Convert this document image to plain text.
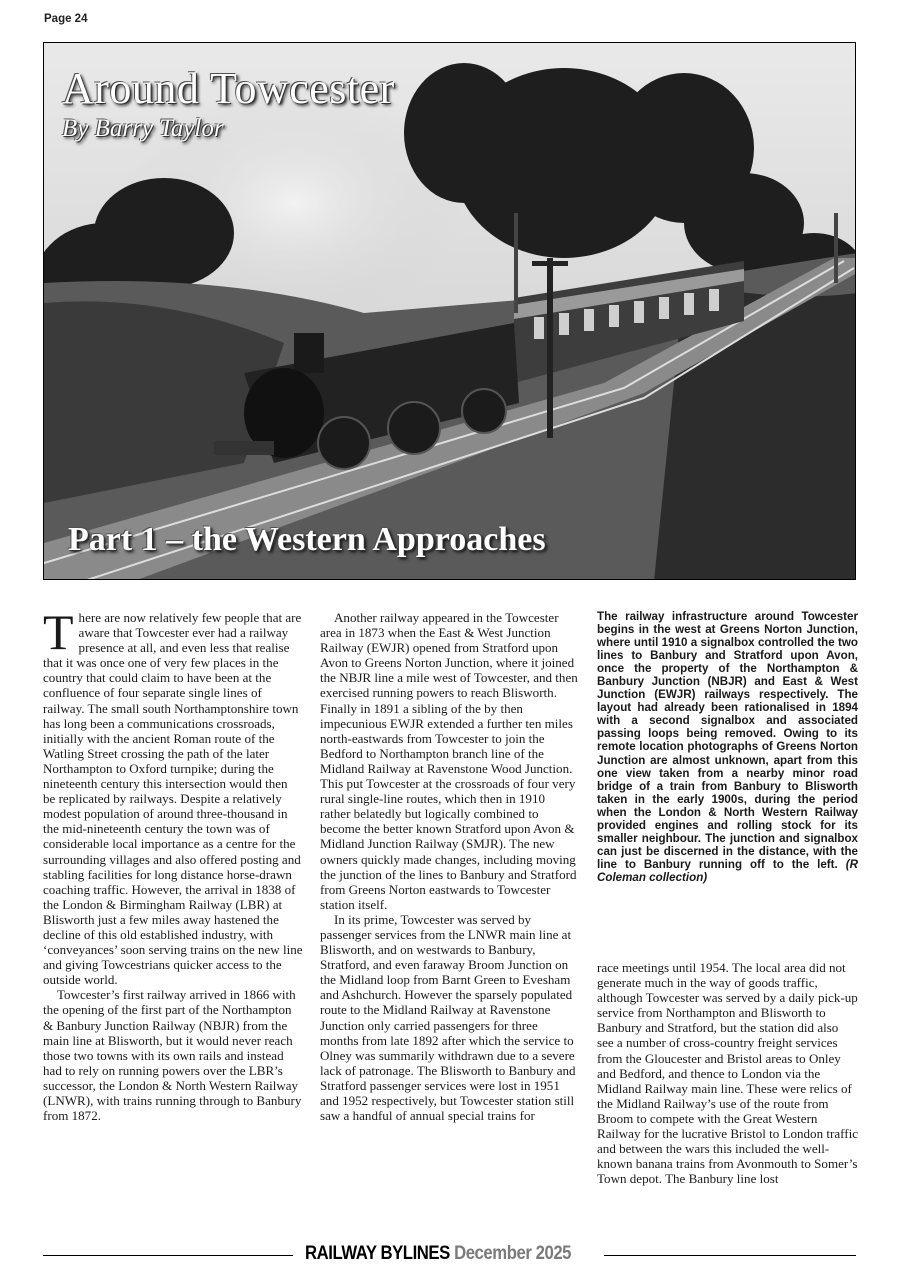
Page 24
Around Towcester
By Barry Taylor
Part 1 – the Western Approaches

There are now relatively few people that are aware that Towcester ever had a railway presence at all, and even less that realise that it was once one of very few places in the country that could claim to have been at the confluence of four separate single lines of railway. The small south Northamptonshire town has long been a communications crossroads, initially with the ancient Roman route of the Watling Street crossing the path of the later Northampton to Oxford turnpike; during the nineteenth century this intersection would then be replicated by railways. Despite a relatively modest population of around three-thousand in the mid-nineteenth century the town was of considerable local importance as a centre for the surrounding villages and also offered posting and stabling facilities for long distance horse-drawn coaching traffic. However, the arrival in 1838 of the London & Birmingham Railway (LBR) at Blisworth just a few miles away hastened the decline of this old established industry, with ‘conveyances’ soon serving trains on the new line and giving Towcestrians quicker access to the outside world.

Towcester’s first railway arrived in 1866 with the opening of the first part of the Northampton & Banbury Junction Railway (NBJR) from the main line at Blisworth, but it would never reach those two towns with its own rails and instead had to rely on running powers over the LBR’s successor, the London & North Western Railway (LNWR), with trains running through to Banbury from 1872.

Another railway appeared in the Towcester area in 1873 when the East & West Junction Railway (EWJR) opened from Stratford upon Avon to Greens Norton Junction, where it joined the NBJR line a mile west of Towcester, and then exercised running powers to reach Blisworth. Finally in 1891 a sibling of the by then impecunious EWJR extended a further ten miles north-eastwards from Towcester to join the Bedford to Northampton branch line of the Midland Railway at Ravenstone Wood Junction. This put Towcester at the crossroads of four very rural single-line routes, which then in 1910 rather belatedly but logically combined to become the better known Stratford upon Avon & Midland Junction Railway (SMJR). The new owners quickly made changes, including moving the junction of the lines to Banbury and Stratford from Greens Norton eastwards to Towcester station itself.

In its prime, Towcester was served by passenger services from the LNWR main line at Blisworth, and on westwards to Banbury, Stratford, and even faraway Broom Junction on the Midland loop from Barnt Green to Evesham and Ashchurch. However the sparsely populated route to the Midland Railway at Ravenstone Junction only carried passengers for three months from late 1892 after which the service to Olney was summarily withdrawn due to a severe lack of patronage. The Blisworth to Banbury and Stratford passenger services were lost in 1951 and 1952 respectively, but Towcester station still saw a handful of annual special trains for

The railway infrastructure around Towcester begins in the west at Greens Norton Junction, where until 1910 a signalbox controlled the two lines to Banbury and Stratford upon Avon, once the property of the Northampton & Banbury Junction (NBJR) and East & West Junction (EWJR) railways respectively. The layout had already been rationalised in 1894 with a second signalbox and associated passing loops being removed. Owing to its remote location photographs of Greens Norton Junction are almost unknown, apart from this one view taken from a nearby minor road bridge of a train from Banbury to Blisworth taken in the early 1900s, during the period when the London & North Western Railway provided engines and rolling stock for its smaller neighbour. The junction and signalbox can just be discerned in the distance, with the line to Banbury running off to the left. (R Coleman collection)

race meetings until 1954. The local area did not generate much in the way of goods traffic, although Towcester was served by a daily pick-up service from Northampton and Blisworth to Banbury and Stratford, but the station did also see a number of cross-country freight services from the Gloucester and Bristol areas to Onley and Bedford, and thence to London via the Midland Railway main line. These were relics of the Midland Railway’s use of the route from Broom to compete with the Great Western Railway for the lucrative Bristol to London traffic and between the wars this included the well-known banana trains from Avonmouth to Somer’s Town depot. The Banbury line lost

RAILWAY BYLINES December 2025
